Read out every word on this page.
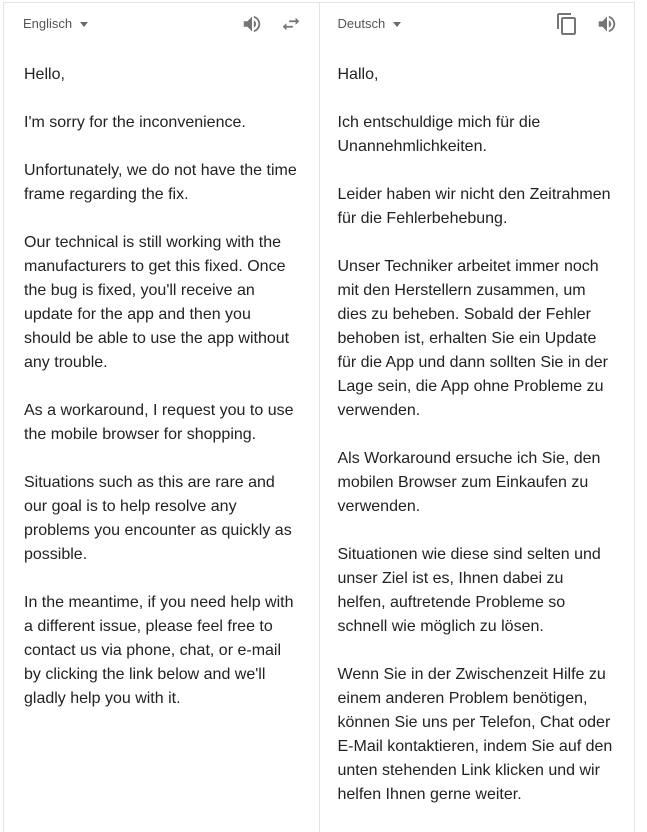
Englisch

Hello,

I'm sorry for the inconvenience.

Unfortunately, we do not have the time
frame regarding the fix.

Our technical is still working with the
manufacturers to get this fixed. Once
the bug is fixed, you'll receive an
update for the app and then you
should be able to use the app without
any trouble.

As a workaround, I request you to use
the mobile browser for shopping.

Situations such as this are rare and
our goal is to help resolve any
problems you encounter as quickly as
possible.

In the meantime, if you need help with
a different issue, please feel free to
contact us via phone, chat, or e-mail
by clicking the link below and we'll
gladly help you with it.

Deutsch

Hallo,

Ich entschuldige mich für die
Unannehmlichkeiten.

Leider haben wir nicht den Zeitrahmen
für die Fehlerbehebung.

Unser Techniker arbeitet immer noch
mit den Herstellern zusammen, um
dies zu beheben. Sobald der Fehler
behoben ist, erhalten Sie ein Update
für die App und dann sollten Sie in der
Lage sein, die App ohne Probleme zu
verwenden.

Als Workaround ersuche ich Sie, den
mobilen Browser zum Einkaufen zu
verwenden.

Situationen wie diese sind selten und
unser Ziel ist es, Ihnen dabei zu
helfen, auftretende Probleme so
schnell wie möglich zu lösen.

Wenn Sie in der Zwischenzeit Hilfe zu
einem anderen Problem benötigen,
können Sie uns per Telefon, Chat oder
E-Mail kontaktieren, indem Sie auf den
unten stehenden Link klicken und wir
helfen Ihnen gerne weiter.
